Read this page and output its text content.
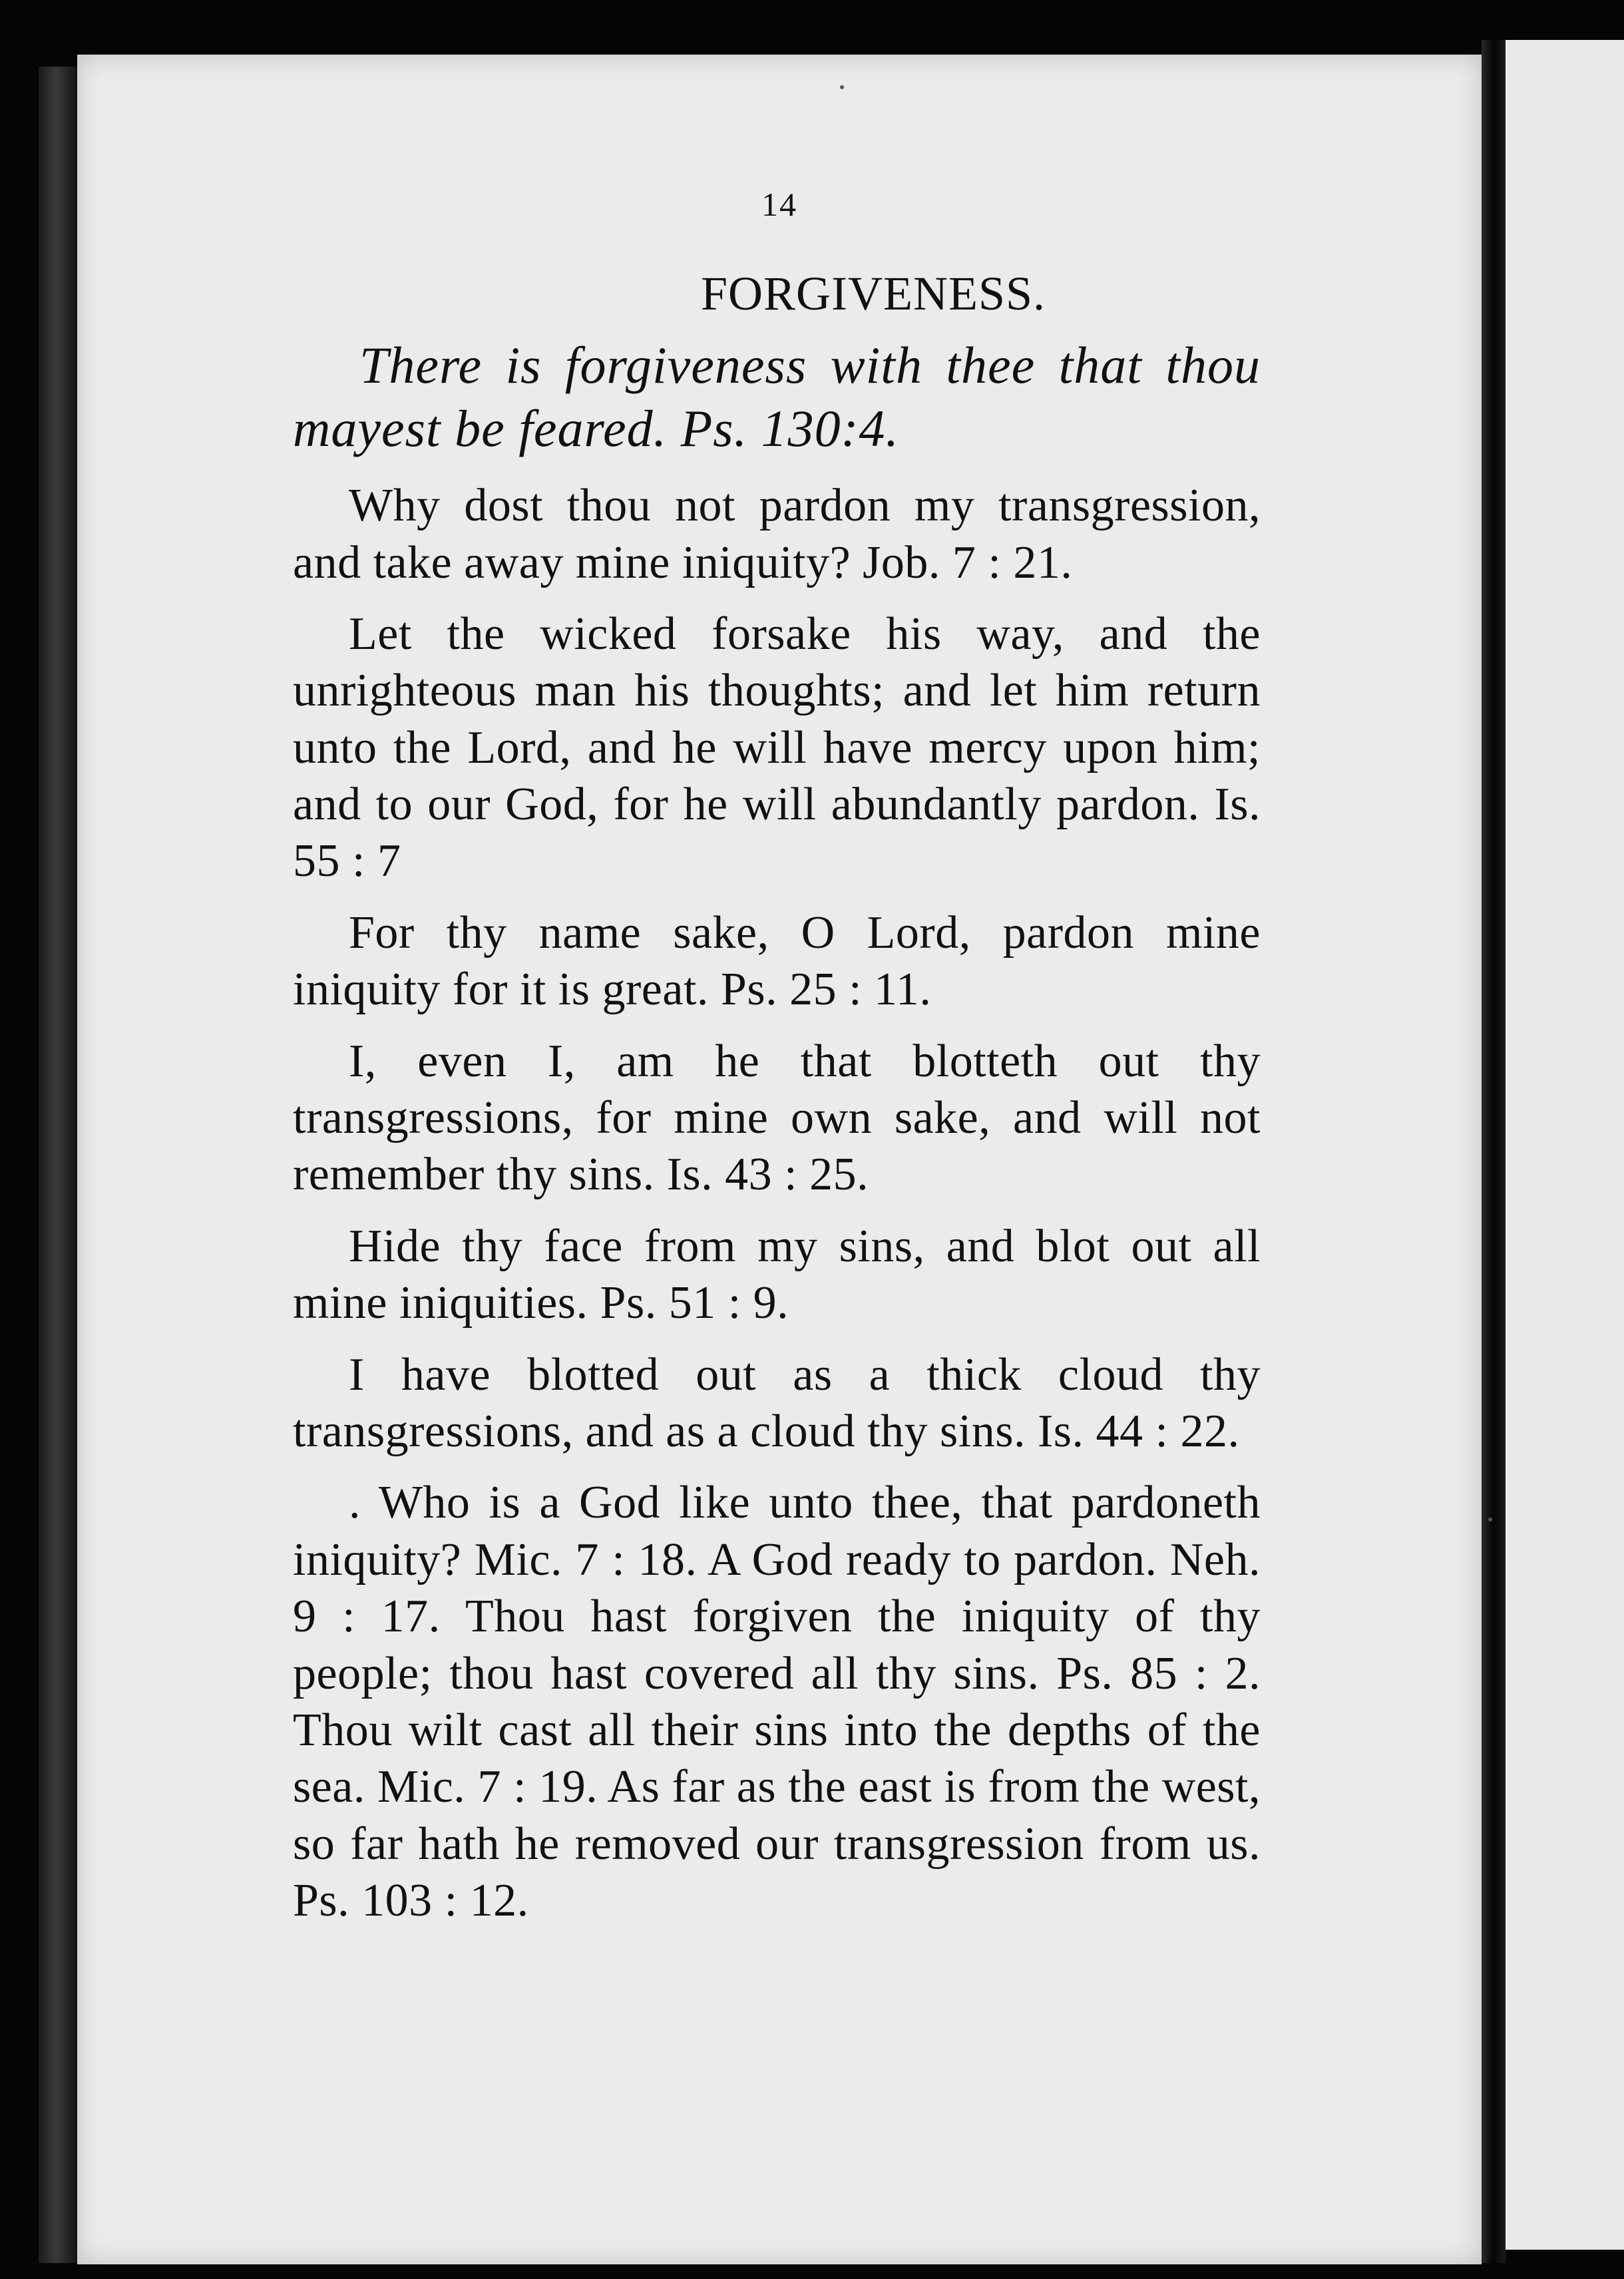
14
FORGIVENESS.

There is forgiveness with thee that thou mayest be feared. Ps. 130:4.

Why dost thou not pardon my transgression, and take away mine iniquity? Job. 7 : 21.

Let the wicked forsake his way, and the unrighteous man his thoughts; and let him return unto the Lord, and he will have mercy upon him; and to our God, for he will abundantly pardon. Is. 55 : 7

For thy name sake, O Lord, pardon mine iniquity for it is great. Ps. 25 : 11.

I, even I, am he that blotteth out thy transgressions, for mine own sake, and will not remember thy sins. Is. 43 : 25.

Hide thy face from my sins, and blot out all mine iniquities. Ps. 51 : 9.

I have blotted out as a thick cloud thy transgressions, and as a cloud thy sins. Is. 44 : 22.

. Who is a God like unto thee, that pardoneth iniquity? Mic. 7 : 18. A God ready to pardon. Neh. 9 : 17. Thou hast forgiven the iniquity of thy people; thou hast covered all thy sins. Ps. 85 : 2. Thou wilt cast all their sins into the depths of the sea. Mic. 7 : 19. As far as the east is from the west, so far hath he removed our transgression from us. Ps. 103 : 12.
